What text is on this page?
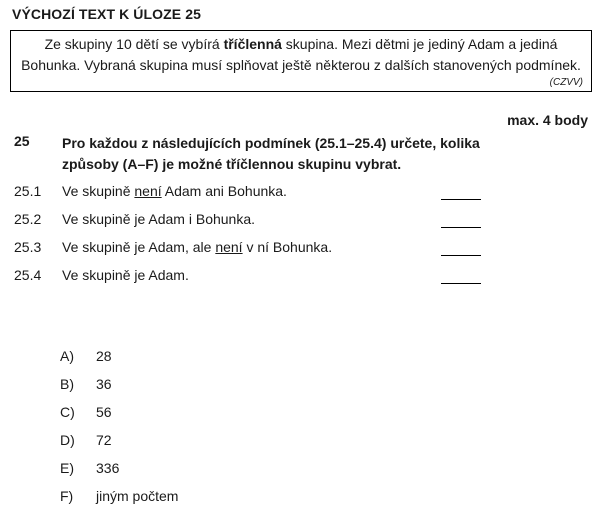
VÝCHOZÍ TEXT K ÚLOZE 25
Ze skupiny 10 dětí se vybírá tříčlenná skupina. Mezi dětmi je jediný Adam a jediná
Bohunka. Vybraná skupina musí splňovat ještě některou z dalších stanovených podmínek.
(CZVV)
max. 4 body
25 Pro každou z následujících podmínek (25.1–25.4) určete, kolika způsoby (A–F) je možné tříčlennou skupinu vybrat.
25.1 Ve skupině není Adam ani Bohunka.
25.2 Ve skupině je Adam i Bohunka.
25.3 Ve skupině je Adam, ale není v ní Bohunka.
25.4 Ve skupině je Adam.
A) 28
B) 36
C) 56
D) 72
E) 336
F) jiným počtem
